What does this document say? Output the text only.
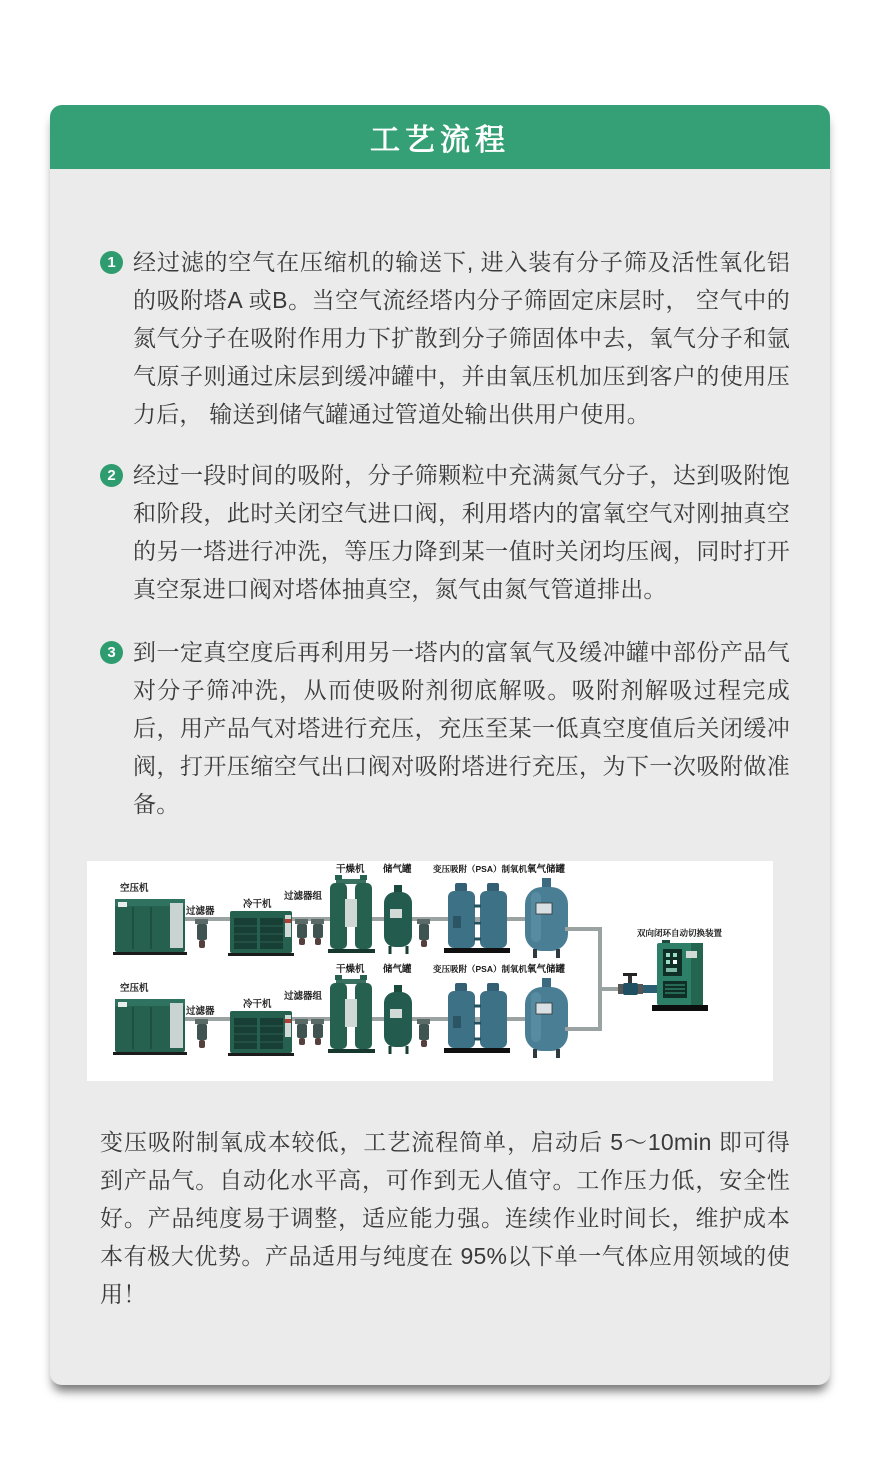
工艺流程
1 经过滤的空气在压缩机的输送下, 进入装有分子筛及活性氧化铝的吸附塔A 或B。当空气流经塔内分子筛固定床层时， 空气中的氮气分子在吸附作用力下扩散到分子筛固体中去，氧气分子和氩气原子则通过床层到缓冲罐中，并由氧压机加压到客户的使用压力后， 输送到储气罐通过管道处输出供用户使用。

2 经过一段时间的吸附，分子筛颗粒中充满氮气分子，达到吸附饱和阶段，此时关闭空气进口阀，利用塔内的富氧空气对刚抽真空的另一塔进行冲洗，等压力降到某一值时关闭均压阀，同时打开真空泵进口阀对塔体抽真空，氮气由氮气管道排出。

3 到一定真空度后再利用另一塔内的富氧气及缓冲罐中部份产品气对分子筛冲洗，从而使吸附剂彻底解吸。吸附剂解吸过程完成后，用产品气对塔进行充压，充压至某一低真空度值后关闭缓冲阀，打开压缩空气出口阀对吸附塔进行充压，为下一次吸附做准备。

空压机
过滤器
冷干机
过滤器组
干燥机 储气罐	变压吸附（PSA）制氧机 氧气储罐
空压机
过滤器
冷干机
过滤器组
干燥机 储气罐	变压吸附（PSA）制氧机 氧气储罐
双向闭环自动切换装置

变压吸附制氧成本较低，工艺流程简单，启动后 5～10min 即可得到产品气。自动化水平高，可作到无人值守。工作压力低，安全性好。产品纯度易于调整，适应能力强。连续作业时间长，维护成本本有极大优势。产品适用与纯度在 95%以下单一气体应用领域的使用！
